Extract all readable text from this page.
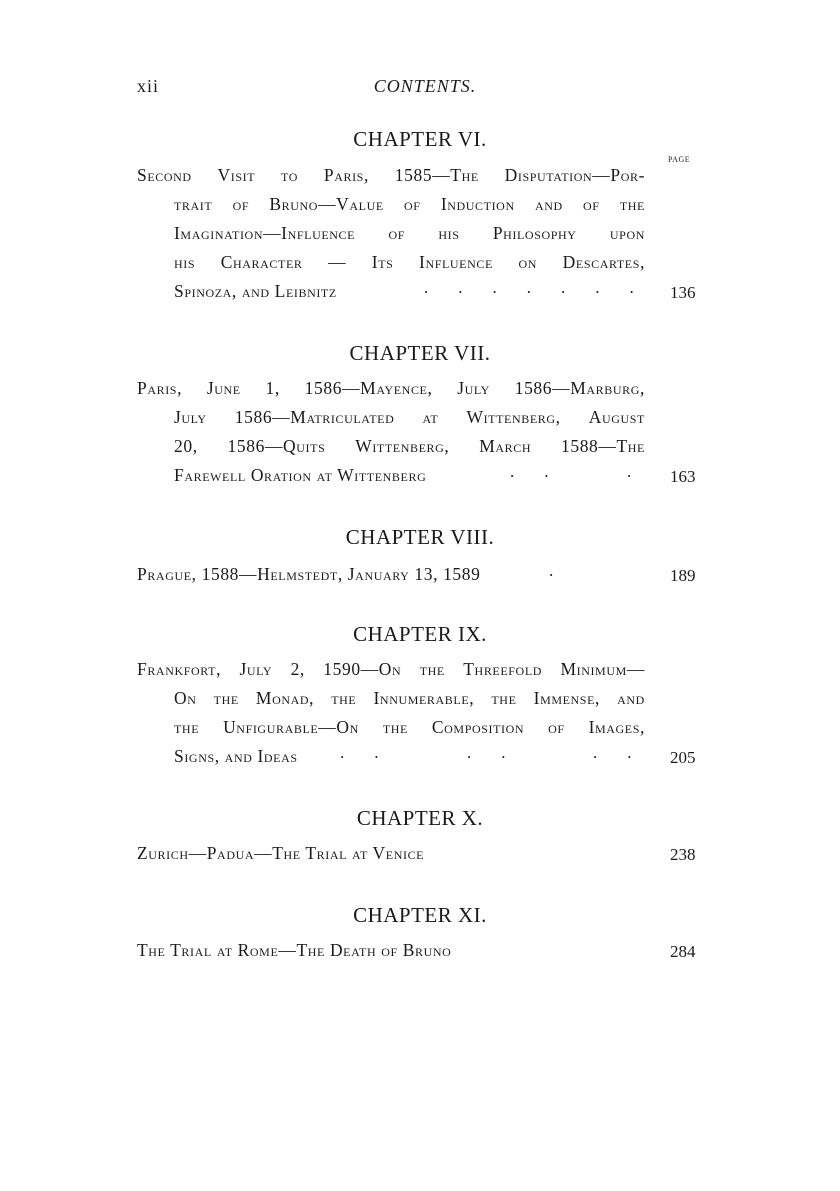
xii	CONTENTS.
CHAPTER VI.
PAGE
Second Visit to Paris, 1585—The Disputation—Por-
trait of Bruno—Value of Induction and of the
Imagination—Influence of his Philosophy upon
his Character — Its Influence on Descartes,
Spinoza, and Leibnitz	....... 136
CHAPTER VII.
Paris, June 1, 1586—Mayence, July 1586—Marburg,
July 1586—Matriculated at Wittenberg, August
20, 1586—Quits Wittenberg, March 1588—The
Farewell Oration at Wittenberg	..	. 163
CHAPTER VIII.
Prague, 1588—Helmstedt, January 13, 1589	.	189
CHAPTER IX.
Frankfort, July 2, 1590—On the Threefold Minimum—
On the Monad, the Innumerable, the Immense, and
the Unfigurable—On the Composition of Images,
Signs, and Ideas ..	..	.. 205
CHAPTER X.
Zurich—Padua—The Trial at Venice	238
CHAPTER XI.
The Trial at Rome—The Death of Bruno	284
